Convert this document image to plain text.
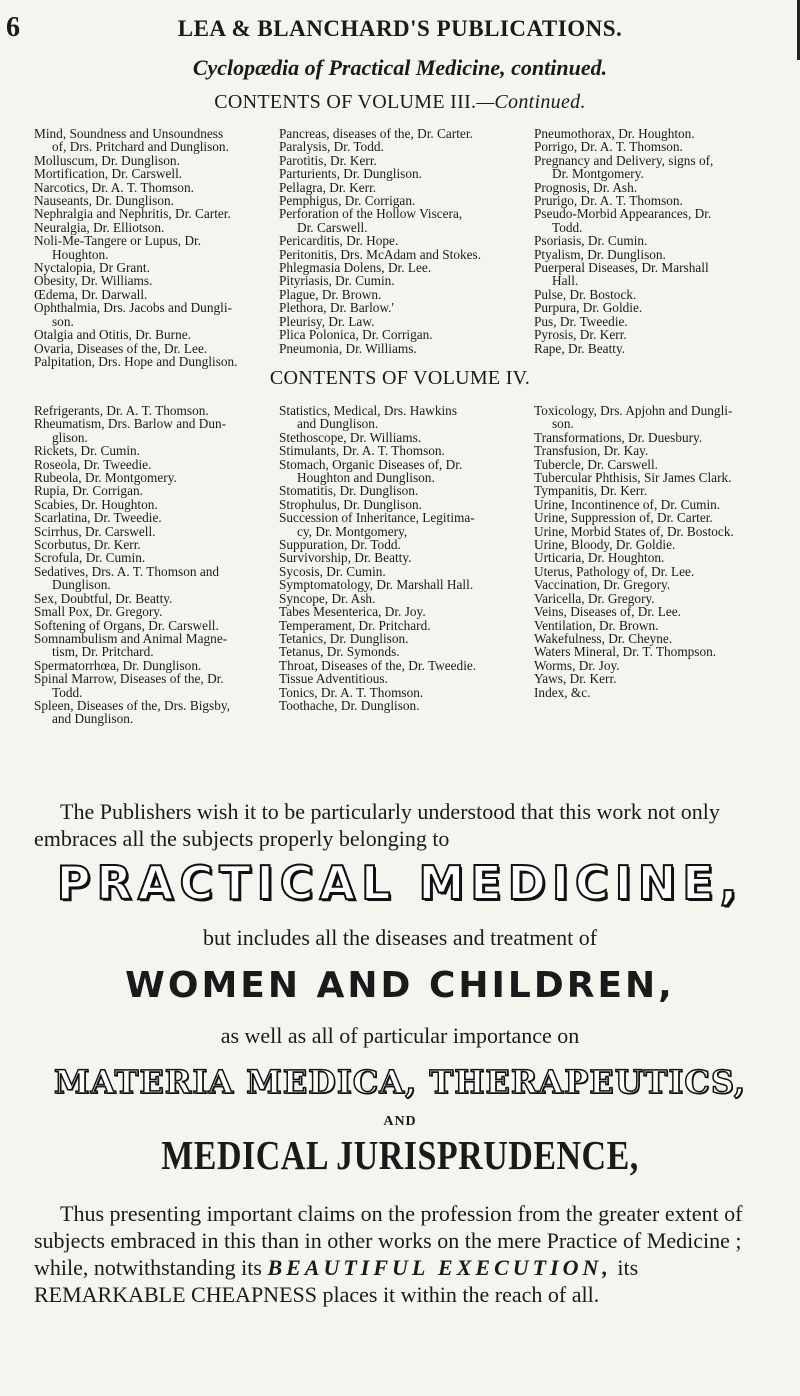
6	LEA & BLANCHARD'S PUBLICATIONS.
Cyclopædia of Practical Medicine, continued.
CONTENTS OF VOLUME III.—Continued.
Mind, Soundness and Unsoundness
of, Drs. Pritchard and Dunglison.
Molluscum, Dr. Dunglison.
Mortification, Dr. Carswell.
Narcotics, Dr. A. T. Thomson.
Nauseants, Dr. Dunglison.
Nephralgia and Nephritis, Dr. Carter.
Neuralgia, Dr. Elliotson.
Noli-Me-Tangere or Lupus, Dr.
Houghton.
Nyctalopia, Dr Grant.
Obesity, Dr. Williams.
Œdema, Dr. Darwall.
Ophthalmia, Drs. Jacobs and Dungli-
son.
Otalgia and Otitis, Dr. Burne.
Ovaria, Diseases of the, Dr. Lee.
Palpitation, Drs. Hope and Dunglison.
Pancreas, diseases of the, Dr. Carter.
Paralysis, Dr. Todd.
Parotitis, Dr. Kerr.
Parturients, Dr. Dunglison.
Pellagra, Dr. Kerr.
Pemphigus, Dr. Corrigan.
Perforation of the Hollow Viscera,
Dr. Carswell.
Pericarditis, Dr. Hope.
Peritonitis, Drs. McAdam and Stokes.
Phlegmasia Dolens, Dr. Lee.
Pityriasis, Dr. Cumin.
Plague, Dr. Brown.
Plethora, Dr. Barlow.'
Pleurisy, Dr. Law.
Plica Polonica, Dr. Corrigan.
Pneumonia, Dr. Williams.
Pneumothorax, Dr. Houghton.
Porrigo, Dr. A. T. Thomson.
Pregnancy and Delivery, signs of,
Dr. Montgomery.
Prognosis, Dr. Ash.
Prurigo, Dr. A. T. Thomson.
Pseudo-Morbid Appearances, Dr.
Todd.
Psoriasis, Dr. Cumin.
Ptyalism, Dr. Dunglison.
Puerperal Diseases, Dr. Marshall
Hall.
Pulse, Dr. Bostock.
Purpura, Dr. Goldie.
Pus, Dr. Tweedie.
Pyrosis, Dr. Kerr.
Rape, Dr. Beatty.
CONTENTS OF VOLUME IV.
Refrigerants, Dr. A. T. Thomson.
Rheumatism, Drs. Barlow and Dun-
glison.
Rickets, Dr. Cumin.
Roseola, Dr. Tweedie.
Rubeola, Dr. Montgomery.
Rupia, Dr. Corrigan.
Scabies, Dr. Houghton.
Scarlatina, Dr. Tweedie.
Scirrhus, Dr. Carswell.
Scorbutus, Dr. Kerr.
Scrofula, Dr. Cumin.
Sedatives, Drs. A. T. Thomson and
Dunglison.
Sex, Doubtful, Dr. Beatty.
Small Pox, Dr. Gregory.
Softening of Organs, Dr. Carswell.
Somnambulism and Animal Magne-
tism, Dr. Pritchard.
Spermatorrhœa, Dr. Dunglison.
Spinal Marrow, Diseases of the, Dr.
Todd.
Spleen, Diseases of the, Drs. Bigsby,
and Dunglison.
Statistics, Medical, Drs. Hawkins
and Dunglison.
Stethoscope, Dr. Williams.
Stimulants, Dr. A. T. Thomson.
Stomach, Organic Diseases of, Dr.
Houghton and Dunglison.
Stomatitis, Dr. Dunglison.
Strophulus, Dr. Dunglison.
Succession of Inheritance, Legitima-
cy, Dr. Montgomery,
Suppuration, Dr. Todd.
Survivorship, Dr. Beatty.
Sycosis, Dr. Cumin.
Symptomatology, Dr. Marshall Hall.
Syncope, Dr. Ash.
Tabes Mesenterica, Dr. Joy.
Temperament, Dr. Pritchard.
Tetanics, Dr. Dunglison.
Tetanus, Dr. Symonds.
Throat, Diseases of the, Dr. Tweedie.
Tissue Adventitious.
Tonics, Dr. A. T. Thomson.
Toothache, Dr. Dunglison.
Toxicology, Drs. Apjohn and Dungli-
son.
Transformations, Dr. Duesbury.
Transfusion, Dr. Kay.
Tubercle, Dr. Carswell.
Tubercular Phthisis, Sir James Clark.
Tympanitis, Dr. Kerr.
Urine, Incontinence of, Dr. Cumin.
Urine, Suppression of, Dr. Carter.
Urine, Morbid States of, Dr. Bostock.
Urine, Bloody, Dr. Goldie.
Urticaria, Dr. Houghton.
Uterus, Pathology of, Dr. Lee.
Vaccination, Dr. Gregory.
Varicella, Dr. Gregory.
Veins, Diseases of, Dr. Lee.
Ventilation, Dr. Brown.
Wakefulness, Dr. Cheyne.
Waters Mineral, Dr. T. Thompson.
Worms, Dr. Joy.
Yaws, Dr. Kerr.
Index, &c.
The Publishers wish it to be particularly understood that this work not only embraces all the subjects properly belonging to
PRACTICAL MEDICINE,
but includes all the diseases and treatment of
WOMEN AND CHILDREN,
as well as all of particular importance on
MATERIA MEDICA, THERAPEUTICS,
AND
MEDICAL JURISPRUDENCE,
Thus presenting important claims on the profession from the greater extent of subjects embraced in this than in other works on the mere Practice of Medicine ; while, notwithstanding its BEAUTIFUL EXECUTION, its REMARKABLE CHEAPNESS places it within the reach of all.
